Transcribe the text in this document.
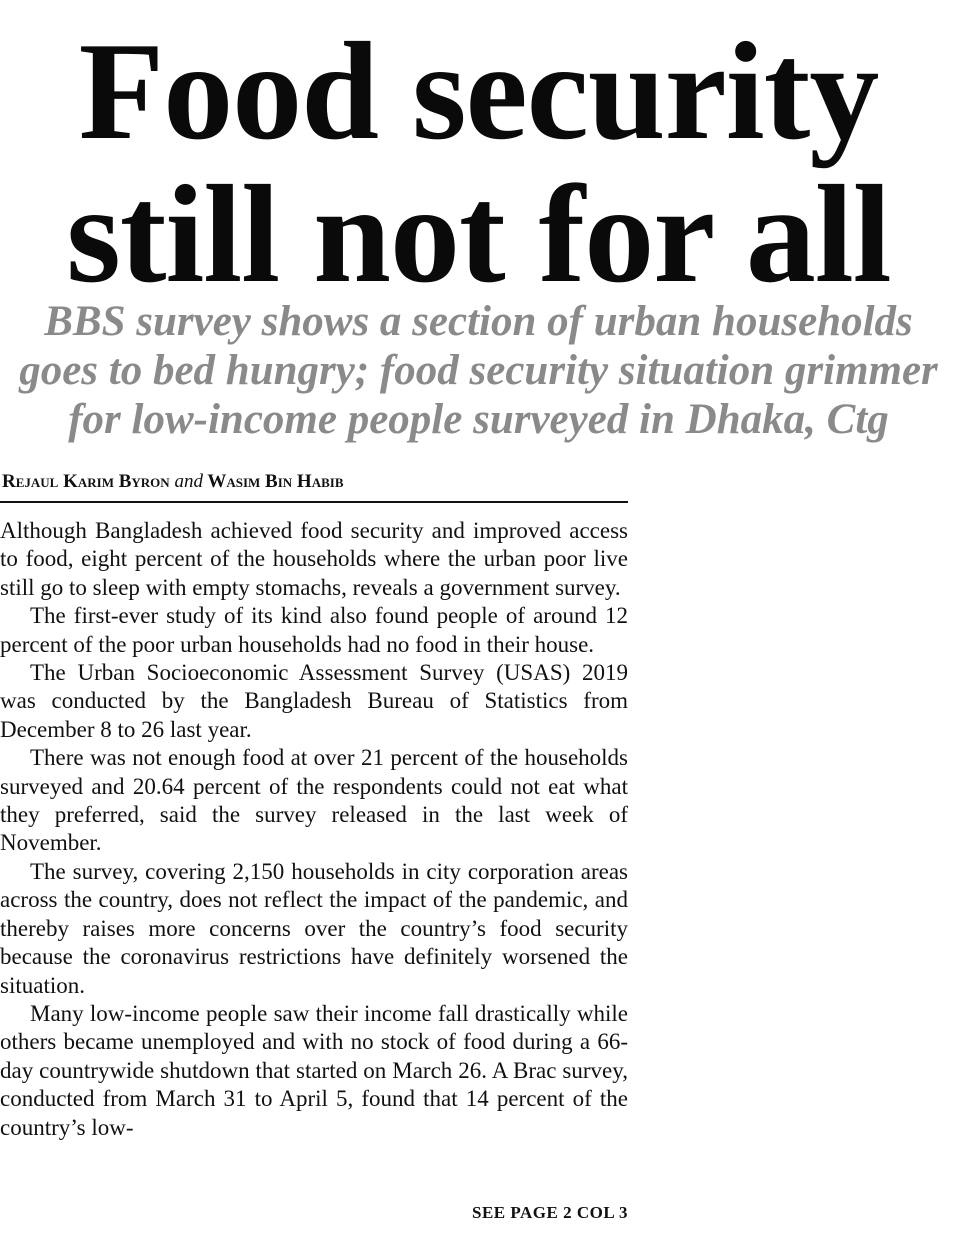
Food security
still not for all
BBS survey shows a section of urban households
goes to bed hungry; food security situation grimmer
for low-income people surveyed in Dhaka, Ctg
Rejaul Karim Byron and Wasim Bin Habib

Although Bangladesh achieved food security and improved access to food, eight percent of the households where the urban poor live still go to sleep with empty stomachs, reveals a government survey.

The first-ever study of its kind also found people of around 12 percent of the poor urban households had no food in their house.

The Urban Socioeconomic Assessment Survey (USAS) 2019 was conducted by the Bangladesh Bureau of Statistics from December 8 to 26 last year.

There was not enough food at over 21 percent of the households surveyed and 20.64 percent of the respondents could not eat what they preferred, said the survey released in the last week of November.

The survey, covering 2,150 households in city corporation areas across the country, does not reflect the impact of the pandemic, and thereby raises more concerns over the country’s food security because the coronavirus restrictions have definitely worsened the situation.

Many low-income people saw their income fall drastically while others became unemployed and with no stock of food during a 66-day countrywide shutdown that started on March 26. A Brac survey, conducted from March 31 to April 5, found that 14 percent of the country’s low-

SEE PAGE 2 COL 3
